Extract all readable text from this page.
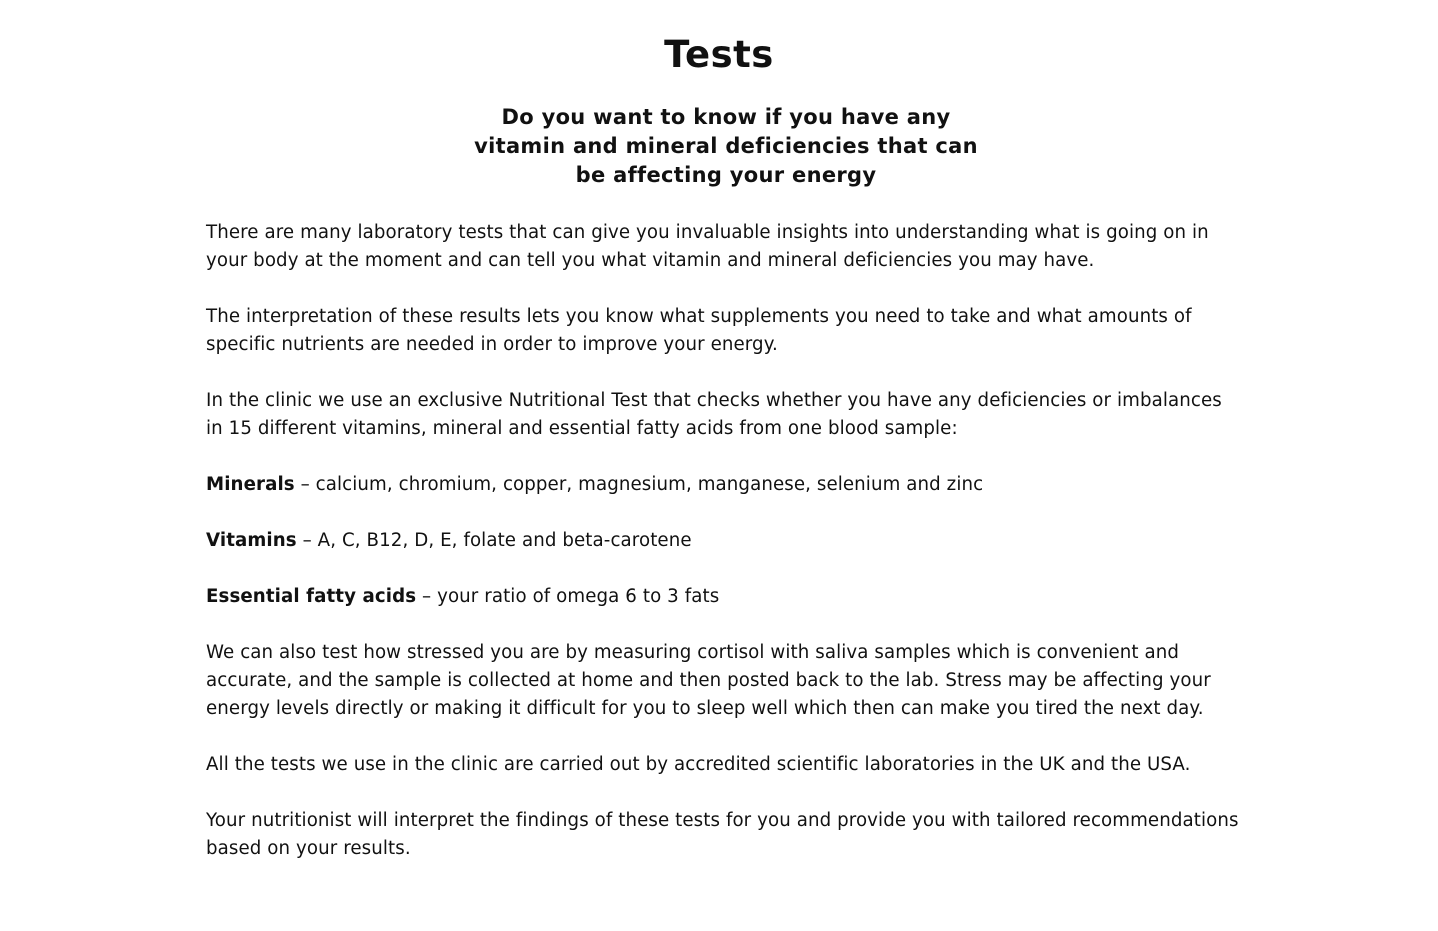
Tests
Do you want to know if you have any vitamin and mineral deficiencies that can be affecting your energy

There are many laboratory tests that can give you invaluable insights into understanding what is going on in your body at the moment and can tell you what vitamin and mineral deficiencies you may have.

The interpretation of these results lets you know what supplements you need to take and what amounts of specific nutrients are needed in order to improve your energy.

In the clinic we use an exclusive Nutritional Test that checks whether you have any deficiencies or imbalances in 15 different vitamins, mineral and essential fatty acids from one blood sample:

Minerals – calcium, chromium, copper, magnesium, manganese, selenium and zinc

Vitamins – A, C, B12, D, E, folate and beta-carotene

Essential fatty acids – your ratio of omega 6 to 3 fats

We can also test how stressed you are by measuring cortisol with saliva samples which is convenient and accurate, and the sample is collected at home and then posted back to the lab. Stress may be affecting your energy levels directly or making it difficult for you to sleep well which then can make you tired the next day.

All the tests we use in the clinic are carried out by accredited scientific laboratories in the UK and the USA.

Your nutritionist will interpret the findings of these tests for you and provide you with tailored recommendations based on your results.
